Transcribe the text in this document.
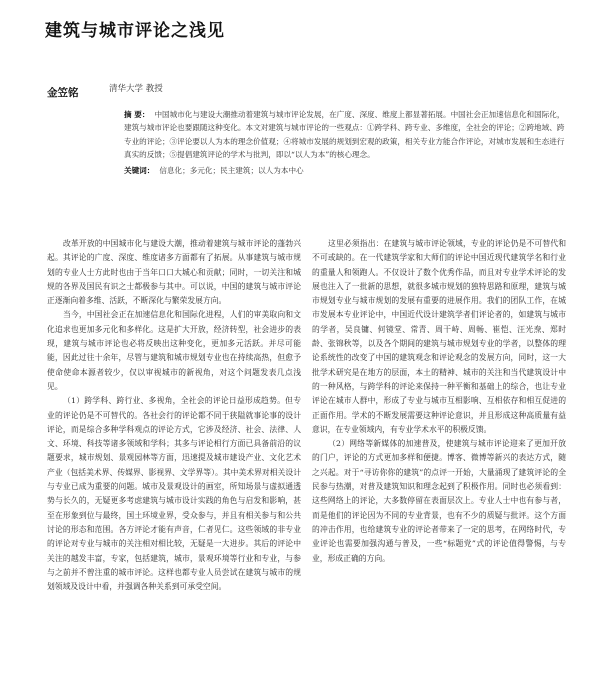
建筑与城市评论之浅见
金笠铭	清华大学 教授

摘 要： 中国城市化与建设大潮推动着建筑与城市评论发展，在广度、深度、维度上都显著拓展。中国社会正加速信息化和国际化，建筑与城市评论也要跟随这种变化。本文对建筑与城市评论的一些观点：①跨学科、跨专业、多维度，全社会的评论；②跨地域、跨专业的评论；③评论要以人为本的理念价值观；④将城市发展的规划到宏观的政策，相关专业方能合作评论，对城市发展和生态进行真实的反馈；⑤提倡建筑评论的学术与批判，即以“以人为本”的核心理念。

关键词： 信息化；多元化；民主建筑；以人为本中心

改革开放的中国城市化与建设大潮，推动着建筑与城市评论的蓬勃兴起。其评论的广度、深度、维度诸多方面都有了拓展。从事建筑与城市规划的专业人士方此时也由于当年口口大城心和贡献；同时，一切关注和城规的各界及国民有识之士都极参与其中。可以说，中国的建筑与城市评论正逐渐向着多维、活跃，不断深化与繁荣发展方向。

当今，中国社会正在加速信息化和国际化进程，人们的审美取向和文化追求也更加多元化和多样化。这是扩大开放，经济转型，社会进步的表现，建筑与城市评论也必将反映出这种变化，更加多元活跃。并尽可能能，因此过往十余年，尽管与建筑和城市规划专业也在持续高热，但愈予使命使命本源者较少，仅以审视城市的新视角，对这个问题发表几点浅见。

（1）跨学科、跨行业、多视角，全社会的评论日益形成趋势。但专业的评论仍是不可替代的。各社会行的评论都不同于狭隘就事论事的设计评论，而是综合多种学科观点的评论方式，它涉及经济、社会、法律、人文、环境、科技等诸多领域和学科；其多与评论相行方面已具备前沿的议题要求，城市规划、景观园林等方面，迅速提及城市建设产业、文化艺术产业（包括美术界、传媒界、影视界、文学界等）。其中美术界对相关设计与专业已成为重要的问题。城市及景观设计的画室，所知场景与虚拟通透势与长久的，无疑更多考虑建筑与城市设计实践的角色与启发和影响，甚至在形象到位与最终，国土环境业界，受众参与，并且有相关参与和公共讨论的形态和范围。各方评论才能有声音，仁者见仁。这些领域的非专业的评论对专业与城市的关注相对相比较，无疑是一大进步。其后的评论中关注的越发丰富，专家，包括建筑，城市，景观环境等行业和专业，与参与之前并不曾注重的城市评论。这样也都专业人员尝试在建筑与城市的规划领域及设计中看，并强调各种关系到可承受空间。

这里必须指出：在建筑与城市评论领域，专业的评论仍是不可替代和不可或缺的。在一代建筑学家和大师们的评论中国近现代建筑学名和行业的重量人和领跑人。不仅设计了数个优秀作品，而且对专业学术评论的发展也注入了一批新的思想，就很多城市规划的独特思路和原理，建筑与城市规划专业与城市规划的发展有重要的进展作用。我们的团队工作，在城市发展本专业评论中，中国近代设计建筑学者们评论者的，如建筑与城市的学者，吴良镛、何镜堂、常青、周干峙、周畅、崔恺、汪光焘、郑时龄、张锦秋等，以及各个期间的建筑与城市规划专业的学者，以整体的理论系统性的改变了中国的建筑观念和评论观念的发展方向，同时，这一大批学术研究是在地方的层面，本土的精神、城市的关注和当代建筑设计中的一种风格，与跨学科的评论来保持一种平衡和基础上的综合，也让专业评论在城市人群中，形成了专业与城市互相影响、互相依存和相互促进的正面作用。学术的不断发展需要这种评论意识，并且形成这种高质量有益意识，在专业领域内，有专业学术水平的积极反馈。

（2）网络等新媒体的加速普及，使建筑与城市评论迎来了更加开放的门户，评论的方式更加多样和便捷。博客、微博等新兴的表达方式，随之兴起。对于“寻访你你的建筑”的点评一开始，大量涌现了建筑评论的全民参与热潮，对普及建筑知识和理念起到了积极作用。同时也必须看到：这些网络上的评论，大多数停留在表面层次上。专业人士中也有参与者，而是他们的评论因为不同的专业背景，也有不少的质疑与批评。这个方面的冲击作用，也给建筑专业的评论者带来了一定的思考，在网络时代，专业评论也需要加强沟通与普及，一些“标题党”式的评论值得警惕，与专业，形成正确的方向。
